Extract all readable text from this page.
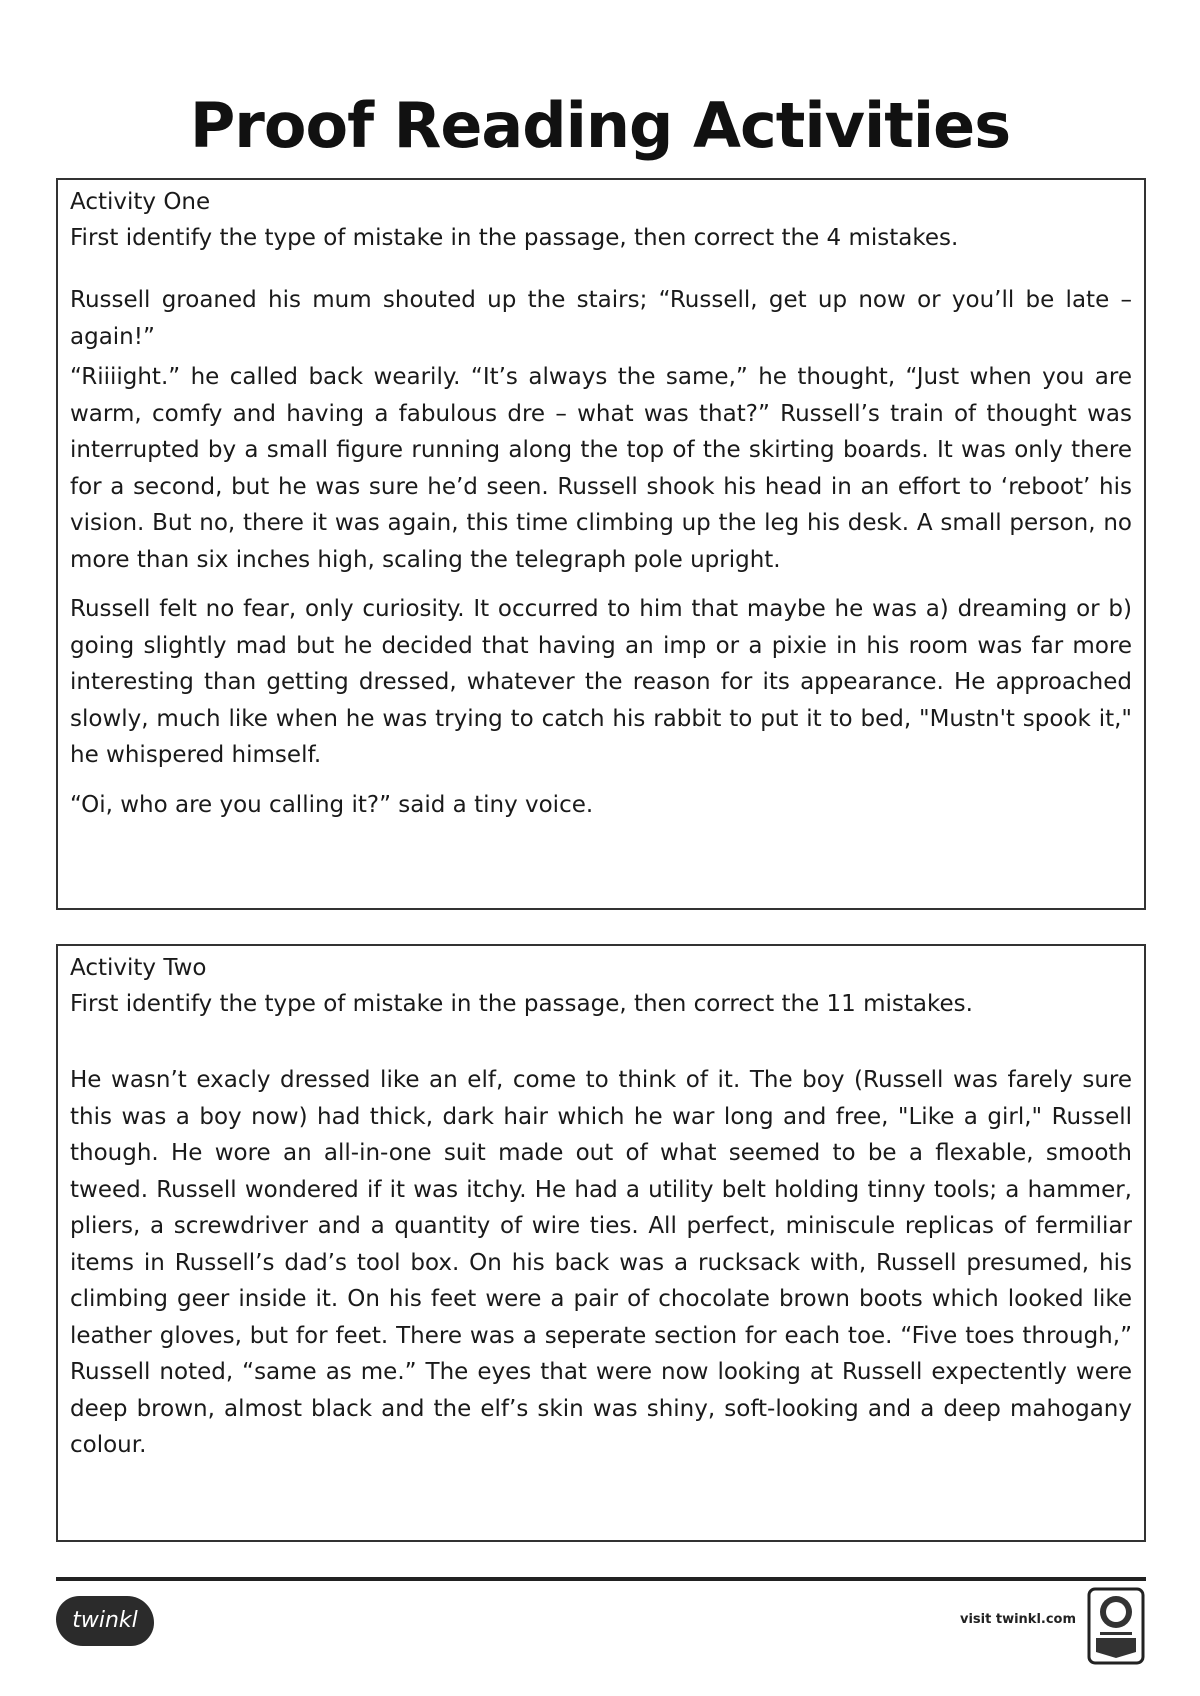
Proof Reading Activities

Activity One

First identify the type of mistake in the passage, then correct the 4 mistakes.

Russell groaned his mum shouted up the stairs; “Russell, get up now or you’ll be late – again!”

“Riiiight.” he called back wearily. “It’s always the same,” he thought, “Just when you are warm, comfy and having a fabulous dre – what was that?” Russell’s train of thought was interrupted by a small figure running along the top of the skirting boards. It was only there for a second, but he was sure he’d seen. Russell shook his head in an effort to ‘reboot’ his vision. But no, there it was again, this time climbing up the leg his desk. A small person, no more than six inches high, scaling the telegraph pole upright.

Russell felt no fear, only curiosity. It occurred to him that maybe he was a) dreaming or b) going slightly mad but he decided that having an imp or a pixie in his room was far more interesting than getting dressed, whatever the reason for its appearance. He approached slowly, much like when he was trying to catch his rabbit to put it to bed, "Mustn't spook it," he whispered himself.

“Oi, who are you calling it?” said a tiny voice.

Activity Two

First identify the type of mistake in the passage, then correct the 11 mistakes.

He wasn’t exacly dressed like an elf, come to think of it. The boy (Russell was farely sure this was a boy now) had thick, dark hair which he war long and free, "Like a girl," Russell though. He wore an all-in-one suit made out of what seemed to be a flexable, smooth tweed. Russell wondered if it was itchy. He had a utility belt holding tinny tools; a hammer, pliers, a screwdriver and a quantity of wire ties. All perfect, miniscule replicas of fermiliar items in Russell’s dad’s tool box. On his back was a rucksack with, Russell presumed, his climbing geer inside it. On his feet were a pair of chocolate brown boots which looked like leather gloves, but for feet. There was a seperate section for each toe. “Five toes through,” Russell noted, “same as me.” The eyes that were now looking at Russell expectently were deep brown, almost black and the elf’s skin was shiny, soft-looking and a deep mahogany colour.

twinkl	visit twinkl.com
